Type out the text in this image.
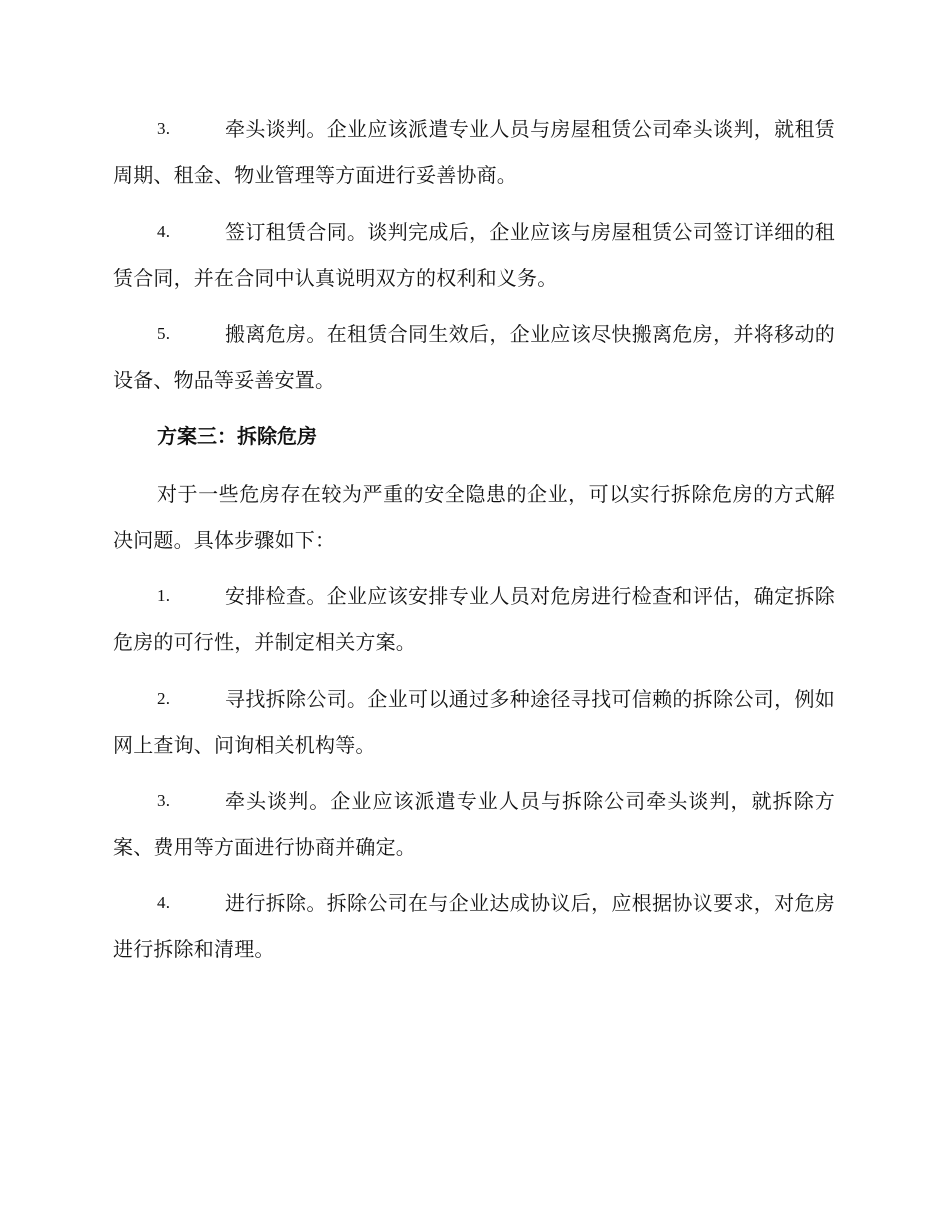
3.	牵头谈判。企业应该派遣专业人员与房屋租赁公司牵头谈判，就租赁周期、租金、物业管理等方面进行妥善协商。
4.	签订租赁合同。谈判完成后，企业应该与房屋租赁公司签订详细的租赁合同，并在合同中认真说明双方的权利和义务。
5.	搬离危房。在租赁合同生效后，企业应该尽快搬离危房，并将移动的设备、物品等妥善安置。
方案三：拆除危房
对于一些危房存在较为严重的安全隐患的企业，可以实行拆除危房的方式解决问题。具体步骤如下：
1.	安排检查。企业应该安排专业人员对危房进行检查和评估，确定拆除危房的可行性，并制定相关方案。
2.	寻找拆除公司。企业可以通过多种途径寻找可信赖的拆除公司，例如网上查询、问询相关机构等。
3.	牵头谈判。企业应该派遣专业人员与拆除公司牵头谈判，就拆除方案、费用等方面进行协商并确定。
4.	进行拆除。拆除公司在与企业达成协议后，应根据协议要求，对危房进行拆除和清理。
